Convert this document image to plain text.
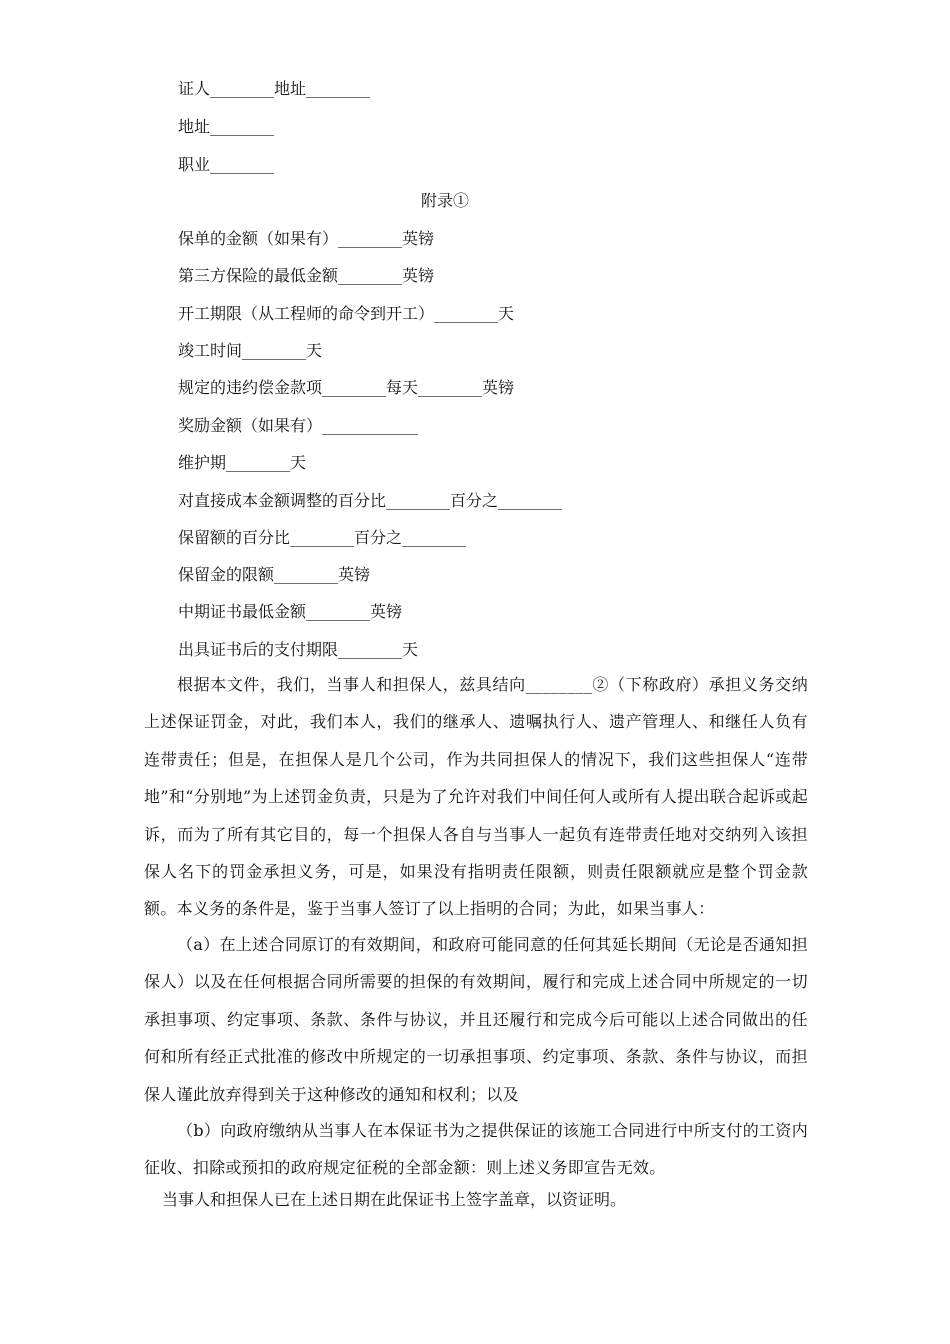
证人________地址________

地址________

职业________

附录①

保单的金额（如果有）________英镑

第三方保险的最低金额________英镑

开工期限（从工程师的命令到开工）________天

竣工时间________天

规定的违约偿金款项________每天________英镑

奖励金额（如果有）____________

维护期________天

对直接成本金额调整的百分比________百分之________

保留额的百分比________百分之________

保留金的限额________英镑

中期证书最低金额________英镑

出具证书后的支付期限________天

根据本文件，我们，当事人和担保人，兹具结向________②（下称政府）承担义务交纳上述保证罚金，对此，我们本人，我们的继承人、遗嘱执行人、遗产管理人、和继任人负有连带责任；但是，在担保人是几个公司，作为共同担保人的情况下，我们这些担保人“连带地”和“分别地”为上述罚金负责，只是为了允许对我们中间任何人或所有人提出联合起诉或起诉，而为了所有其它目的，每一个担保人各自与当事人一起负有连带责任地对交纳列入该担保人名下的罚金承担义务，可是，如果没有指明责任限额，则责任限额就应是整个罚金款额。本义务的条件是，鉴于当事人签订了以上指明的合同；为此，如果当事人：

（a）在上述合同原订的有效期间，和政府可能同意的任何其延长期间（无论是否通知担保人）以及在任何根据合同所需要的担保的有效期间，履行和完成上述合同中所规定的一切承担事项、约定事项、条款、条件与协议，并且还履行和完成今后可能以上述合同做出的任何和所有经正式批准的修改中所规定的一切承担事项、约定事项、条款、条件与协议，而担保人谨此放弃得到关于这种修改的通知和权利；以及

（b）向政府缴纳从当事人在本保证书为之提供保证的该施工合同进行中所支付的工资内征收、扣除或预扣的政府规定征税的全部金额：则上述义务即宣告无效。

当事人和担保人已在上述日期在此保证书上签字盖章，以资证明。
